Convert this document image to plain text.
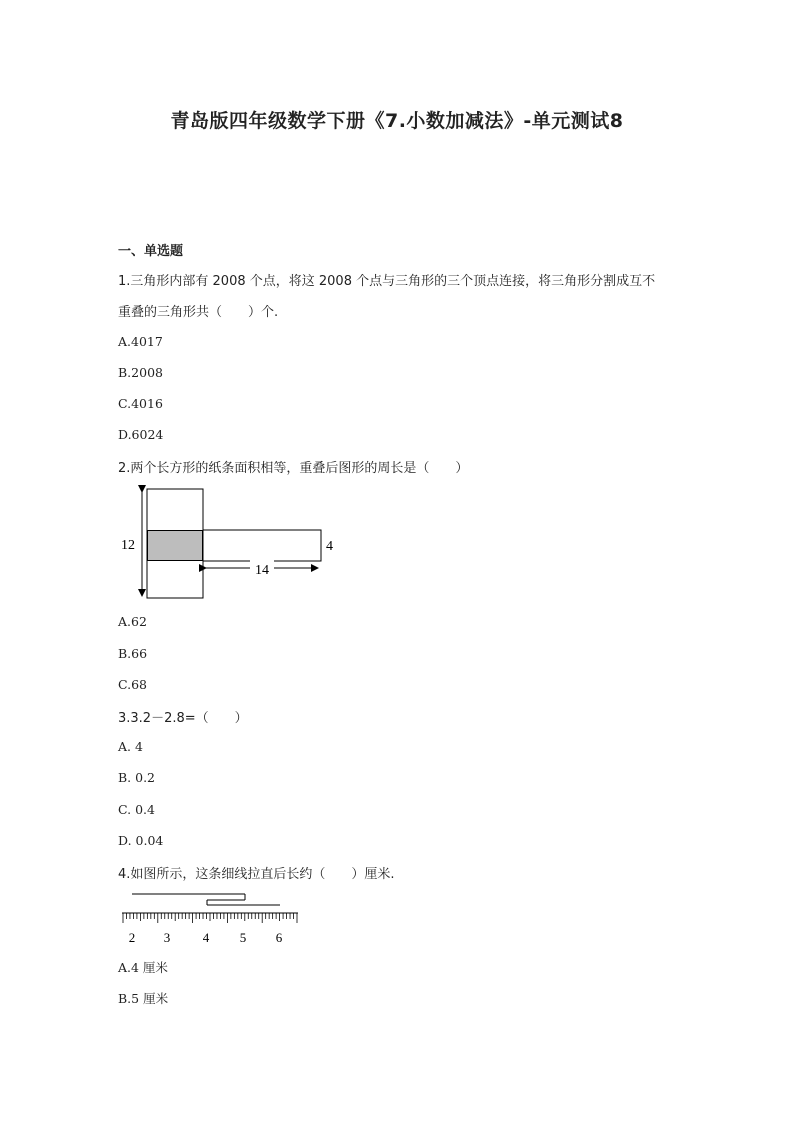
青岛版四年级数学下册《7.小数加减法》-单元测试8
一、单选题
1.三角形内部有 2008 个点，将这 2008 个点与三角形的三个顶点连接，将三角形分割成互不
重叠的三角形共（　　）个.
A.4017
B.2008
C.4016
D.6024
2.两个长方形的纸条面积相等，重叠后图形的周长是（　　）
12	4
14
A.62
B.66
C.68
3.3.2－2.8=（　　）
A. 4
B. 0.2
C. 0.4
D. 0.04
4.如图所示，这条细线拉直后长约（　　）厘米.
2 3	4 5 6
A.4 厘米
B.5 厘米
